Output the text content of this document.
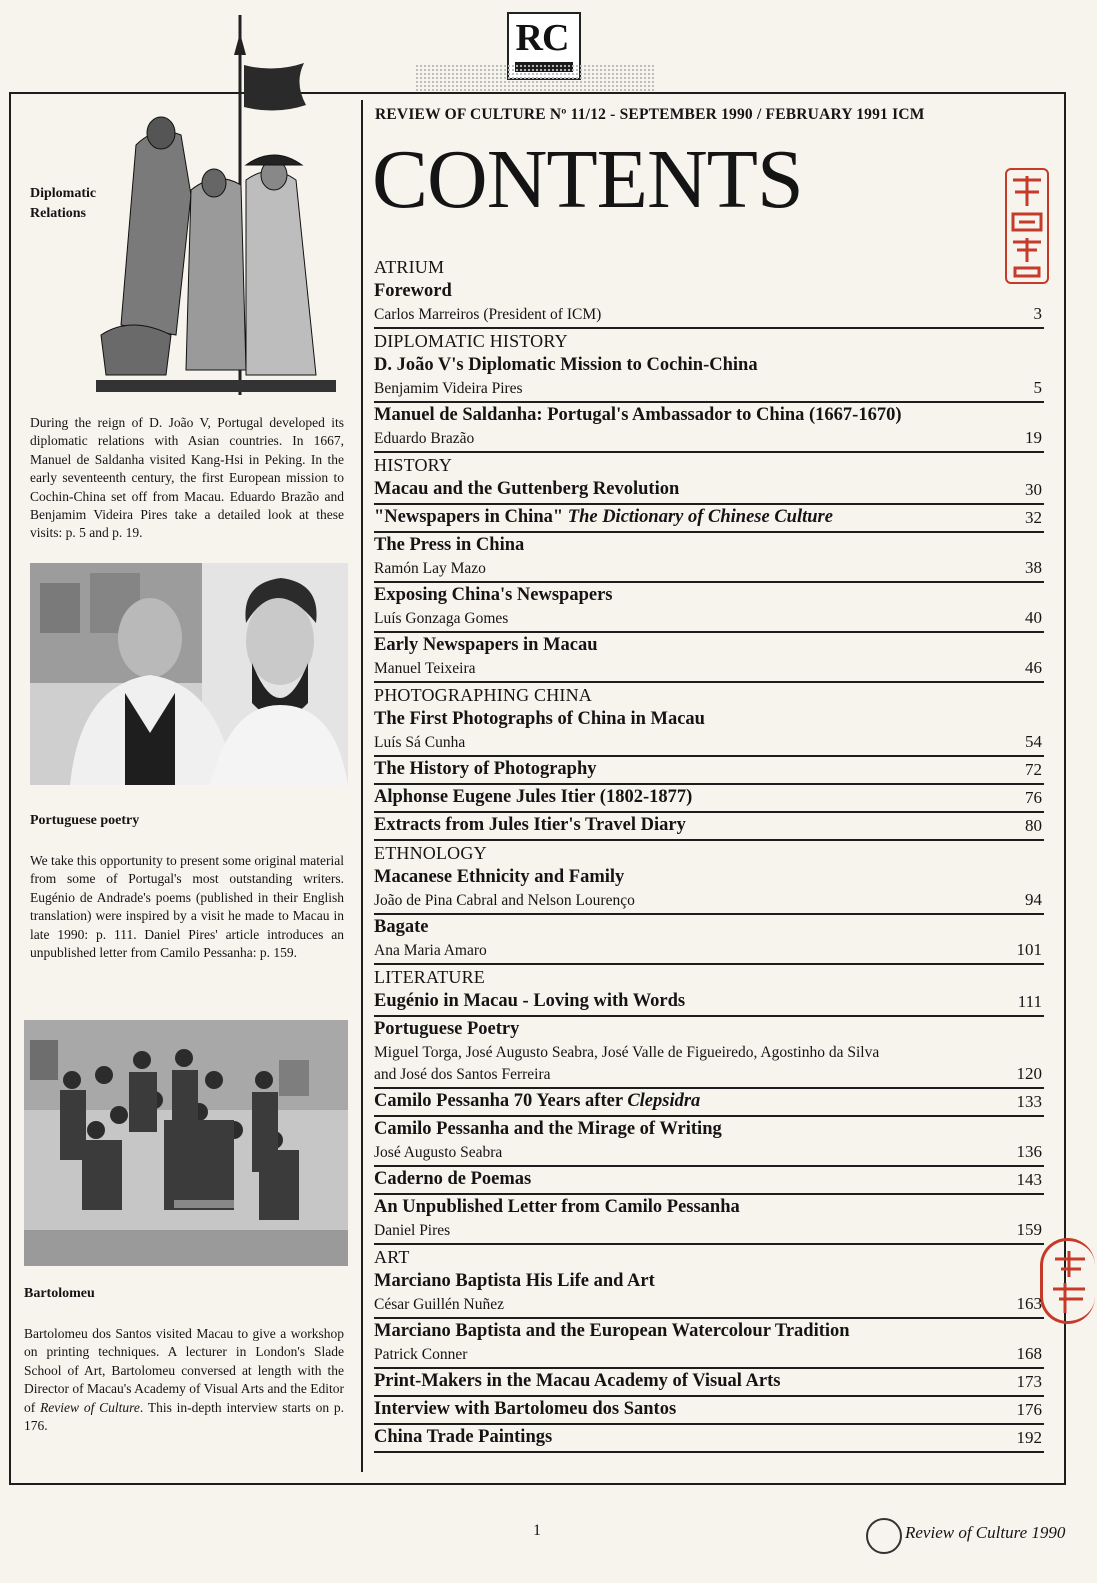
RC
Diplomatic Relations
During the reign of D. João V, Portugal developed its diplomatic relations with Asian countries. In 1667, Manuel de Saldanha visited Kang-Hsi in Peking. In the early seventeenth century, the first European mission to Cochin-China set off from Macau. Eduardo Brazão and Benjamim Videira Pires take a detailed look at these visits: p. 5 and p. 19.
Portuguese poetry
We take this opportunity to present some original material from some of Portugal's most outstanding writers. Eugénio de Andrade's poems (published in their English translation) were inspired by a visit he made to Macau in late 1990: p. 111. Daniel Pires' article introduces an unpublished letter from Camilo Pessanha: p. 159.
Bartolomeu
Bartolomeu dos Santos visited Macau to give a workshop on printing techniques. A lecturer in London's Slade School of Art, Bartolomeu conversed at length with the Director of Macau's Academy of Visual Arts and the Editor of Review of Culture. This in-depth interview starts on p. 176.
REVIEW OF CULTURE Nº 11/12 - SEPTEMBER 1990 / FEBRUARY 1991 ICM
CONTENTS
ATRIUM
Foreword
Carlos Marreiros (President of ICM)	3
DIPLOMATIC HISTORY
D. João V's Diplomatic Mission to Cochin-China
Benjamim Videira Pires	5
Manuel de Saldanha: Portugal's Ambassador to China (1667-1670)
Eduardo Brazão	19
HISTORY
Macau and the Guttenberg Revolution	30
"Newspapers in China" The Dictionary of Chinese Culture	32
The Press in China
Ramón Lay Mazo	38
Exposing China's Newspapers
Luís Gonzaga Gomes	40
Early Newspapers in Macau
Manuel Teixeira	46
PHOTOGRAPHING CHINA
The First Photographs of China in Macau
Luís Sá Cunha	54
The History of Photography	72
Alphonse Eugene Jules Itier (1802-1877)	76
Extracts from Jules Itier's Travel Diary	80
ETHNOLOGY
Macanese Ethnicity and Family
João de Pina Cabral and Nelson Lourenço	94
Bagate
Ana Maria Amaro	101
LITERATURE
Eugénio in Macau - Loving with Words	111
Portuguese Poetry
Miguel Torga, José Augusto Seabra, José Valle de Figueiredo, Agostinho da Silva
and José dos Santos Ferreira	120
Camilo Pessanha 70 Years after Clepsidra	133
Camilo Pessanha and the Mirage of Writing
José Augusto Seabra	136
Caderno de Poemas	143
An Unpublished Letter from Camilo Pessanha
Daniel Pires	159
ART
Marciano Baptista His Life and Art
César Guillén Nuñez	163
Marciano Baptista and the European Watercolour Tradition
Patrick Conner	168
Print-Makers in the Macau Academy of Visual Arts	173
Interview with Bartolomeu dos Santos	176
China Trade Paintings	192
1	Review of Culture 1990
